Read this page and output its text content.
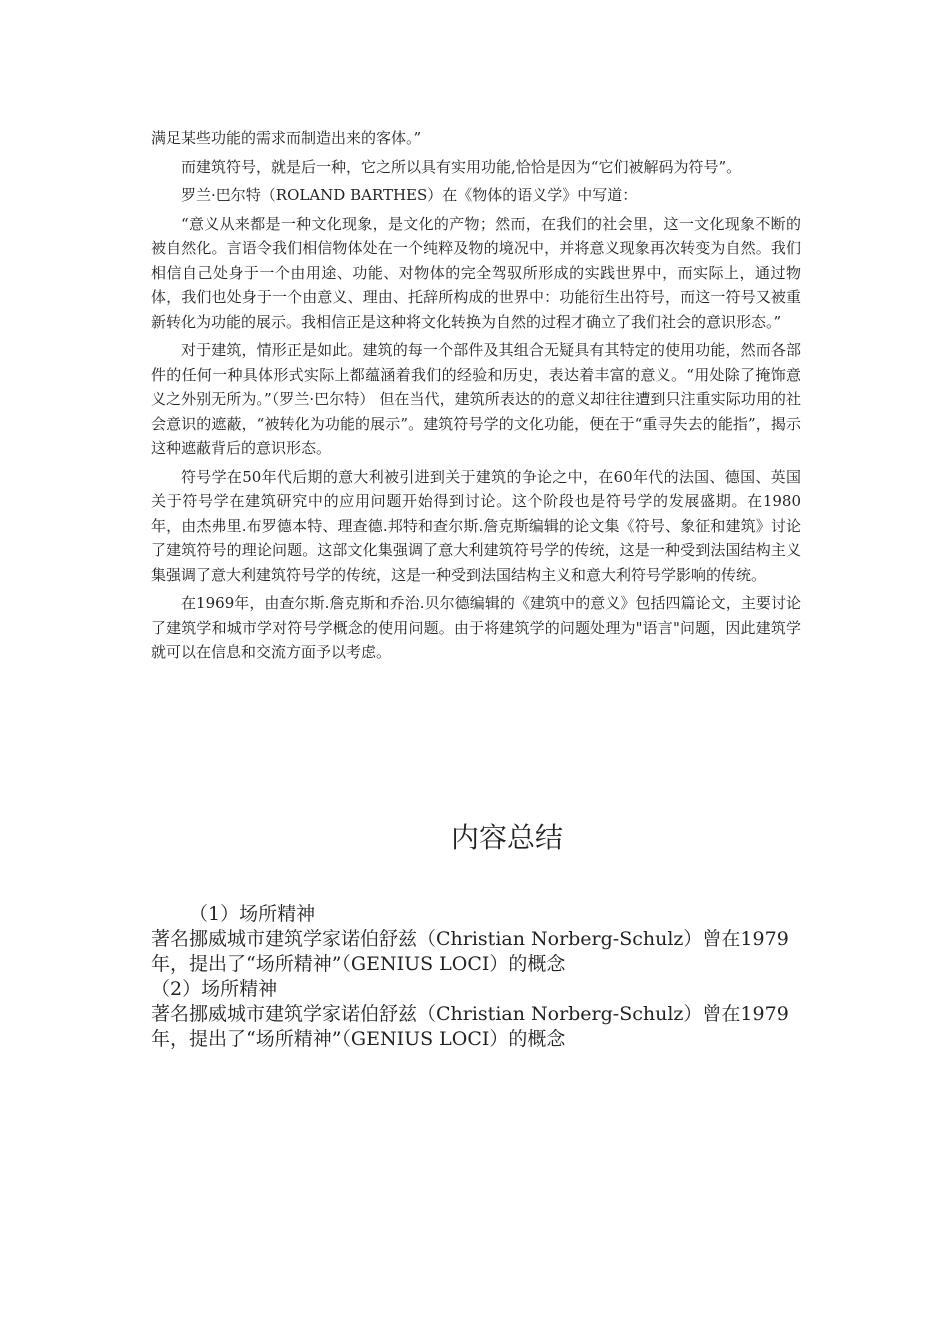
满足某些功能的需求而制造出来的客体。”

而建筑符号，就是后一种，它之所以具有实用功能,恰恰是因为“它们被解码为符号”。

罗兰·巴尔特（ROLAND BARTHES）在《物体的语义学》中写道：

“意义从来都是一种文化现象，是文化的产物；然而，在我们的社会里，这一文化现象不断的被自然化。言语令我们相信物体处在一个纯粹及物的境况中，并将意义现象再次转变为自然。我们相信自己处身于一个由用途、功能、对物体的完全驾驭所形成的实践世界中，而实际上，通过物体，我们也处身于一个由意义、理由、托辞所构成的世界中：功能衍生出符号，而这一符号又被重新转化为功能的展示。我相信正是这种将文化转换为自然的过程才确立了我们社会的意识形态。”

对于建筑，情形正是如此。建筑的每一个部件及其组合无疑具有其特定的使用功能，然而各部件的任何一种具体形式实际上都蕴涵着我们的经验和历史，表达着丰富的意义。“用处除了掩饰意义之外别无所为。”（罗兰·巴尔特） 但在当代，建筑所表达的的意义却往往遭到只注重实际功用的社会意识的遮蔽，“被转化为功能的展示”。建筑符号学的文化功能，便在于“重寻失去的能指”，揭示这种遮蔽背后的意识形态。

符号学在50年代后期的意大利被引进到关于建筑的争论之中，在60年代的法国、德国、英国关于符号学在建筑研究中的应用问题开始得到讨论。这个阶段也是符号学的发展盛期。在1980年，由杰弗里.布罗德本特、理查德.邦特和查尔斯.詹克斯编辑的论文集《符号、象征和建筑》讨论了建筑符号的理论问题。这部文化集强调了意大利建筑符号学的传统，这是一种受到法国结构主义集强调了意大利建筑符号学的传统，这是一种受到法国结构主义和意大利符号学影响的传统。

在1969年，由查尔斯.詹克斯和乔治.贝尔德编辑的《建筑中的意义》包括四篇论文，主要讨论了建筑学和城市学对符号学概念的使用问题。由于将建筑学的问题处理为"语言"问题，因此建筑学就可以在信息和交流方面予以考虑。

内容总结

（1）场所精神

著名挪威城市建筑学家诺伯舒兹（Christian Norberg-Schulz）曾在1979

年，提出了“场所精神”（GENIUS LOCI）的概念

（2）场所精神

著名挪威城市建筑学家诺伯舒兹（Christian Norberg-Schulz）曾在1979

年，提出了“场所精神”（GENIUS LOCI）的概念
